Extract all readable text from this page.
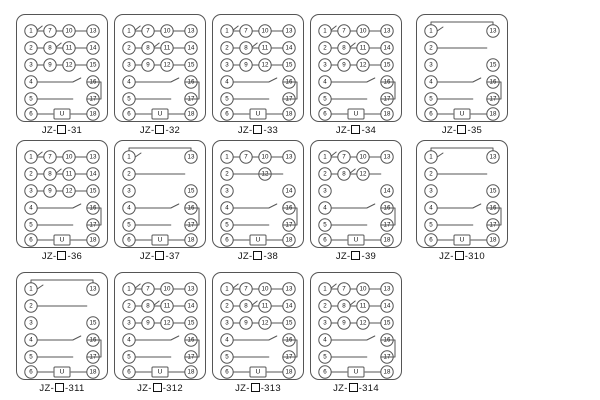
1
2
3
4
5
6
7
8
9
10
11
12
13
14
15
16
17
18
U
JZ- -31
1
2
3
4
5
6
7
8
9
10
11
12
13
14
15
16
17
18
U
JZ- -32
1
2
3
4
5
6
7
8
9
10
11
12
13
14
15
16
17
18
U
JZ- -33
1
2
3
4
5
6
7
8
9
10
11
12
13
14
15
16
17
18
U
JZ- -34
1
2
3
4
5
6
13
15
16
17
18
U
JZ- -35
1
2
3
4
5
6
7
8
9
10
11
12
13
14
15
16
17
18
U
JZ- -36
1
2
3
4
5
6
13
15
16
17
18
U
JZ- -37
1
2
3
4
5
6
7 10
12
13
14
16
17
18
U
JZ- -38
1
2
3
4
5
6
7
8
10
12
13
14
16
17
18
U
JZ- -39
1
2
3
4
5
6
13
15
16
17
18
U
JZ- -310
1
2
3
4
5
6
13
15
16
17
18
U
JZ- -311
1
2
3
4
5
6
7
8
9
10
11
12
13
14
15
16
17
18
U
JZ- -312
1
2
3
4
5
6
7
8
9
10
11
12
13
14
15
16
17
18
U
JZ- -313
1
2
3
4
5
6
7
8
9
10
11
12
13
14
15
16
17
18
U
JZ- -314
